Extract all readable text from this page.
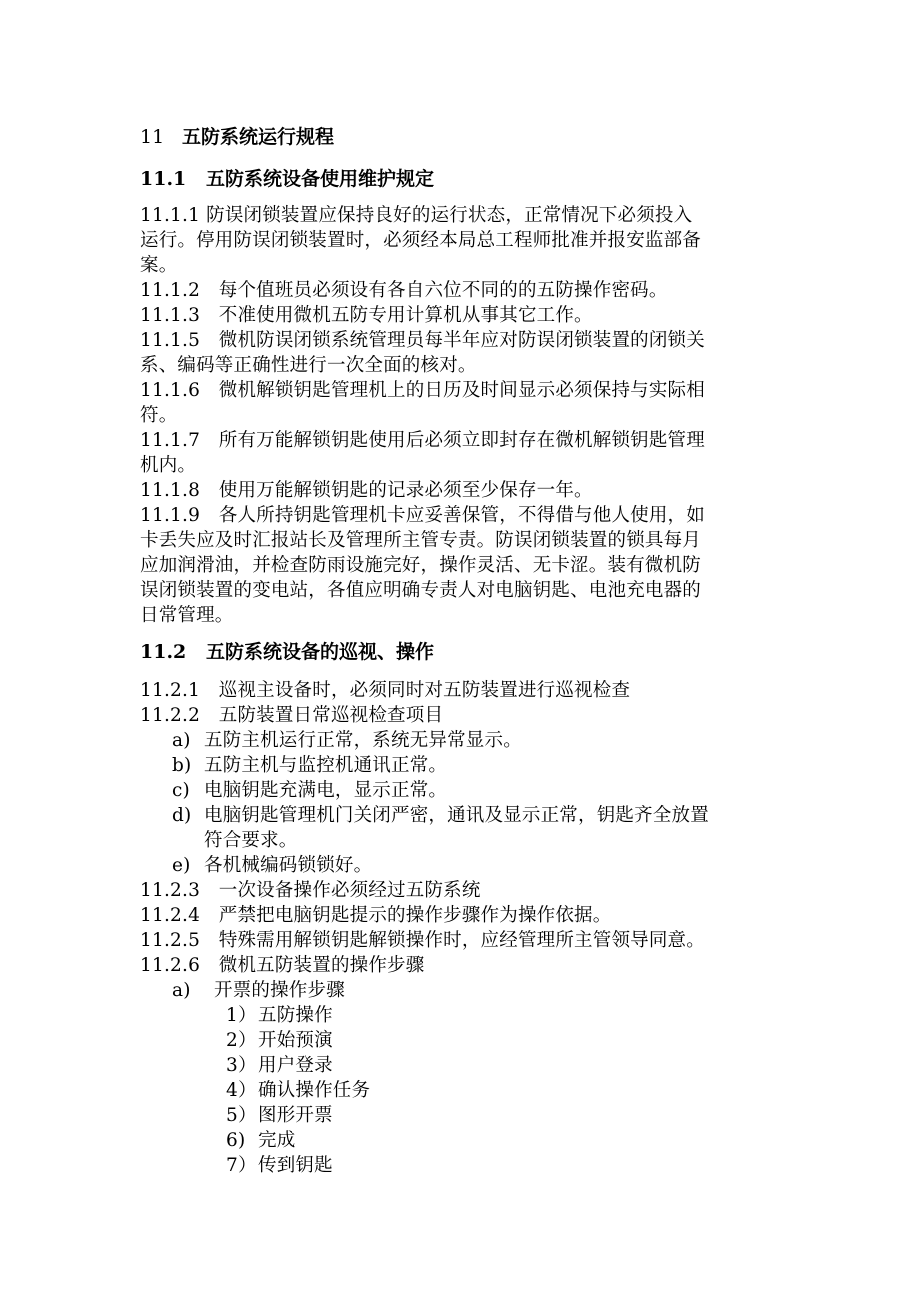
11 五防系统运行规程
11.1 五防系统设备使用维护规定
11.1.1 防误闭锁装置应保持良好的运行状态，正常情况下必须投入
运行。停用防误闭锁装置时，必须经本局总工程师批准并报安监部备
案。
11.1.2　每个值班员必须设有各自六位不同的的五防操作密码。
11.1.3　不准使用微机五防专用计算机从事其它工作。
11.1.5　微机防误闭锁系统管理员每半年应对防误闭锁装置的闭锁关
系、编码等正确性进行一次全面的核对。
11.1.6　微机解锁钥匙管理机上的日历及时间显示必须保持与实际相
符。
11.1.7　所有万能解锁钥匙使用后必须立即封存在微机解锁钥匙管理
机内。
11.1.8　使用万能解锁钥匙的记录必须至少保存一年。
11.1.9　各人所持钥匙管理机卡应妥善保管，不得借与他人使用，如
卡丢失应及时汇报站长及管理所主管专责。防误闭锁装置的锁具每月
应加润滑油，并检查防雨设施完好，操作灵活、无卡涩。装有微机防
误闭锁装置的变电站，各值应明确专责人对电脑钥匙、电池充电器的
日常管理。
11.2 五防系统设备的巡视、操作
11.2.1　巡视主设备时，必须同时对五防装置进行巡视检查
11.2.2　五防装置日常巡视检查项目
a) 五防主机运行正常，系统无异常显示。
b) 五防主机与监控机通讯正常。
c) 电脑钥匙充满电，显示正常。
d) 电脑钥匙管理机门关闭严密，通讯及显示正常，钥匙齐全放置
符合要求。
e) 各机械编码锁锁好。
11.2.3　一次设备操作必须经过五防系统
11.2.4　严禁把电脑钥匙提示的操作步骤作为操作依据。
11.2.5　特殊需用解锁钥匙解锁操作时，应经管理所主管领导同意。
11.2.6　微机五防装置的操作步骤
a) 开票的操作步骤
1）五防操作
2）开始预演
3）用户登录
4）确认操作任务
5）图形开票
6) 完成
7）传到钥匙
